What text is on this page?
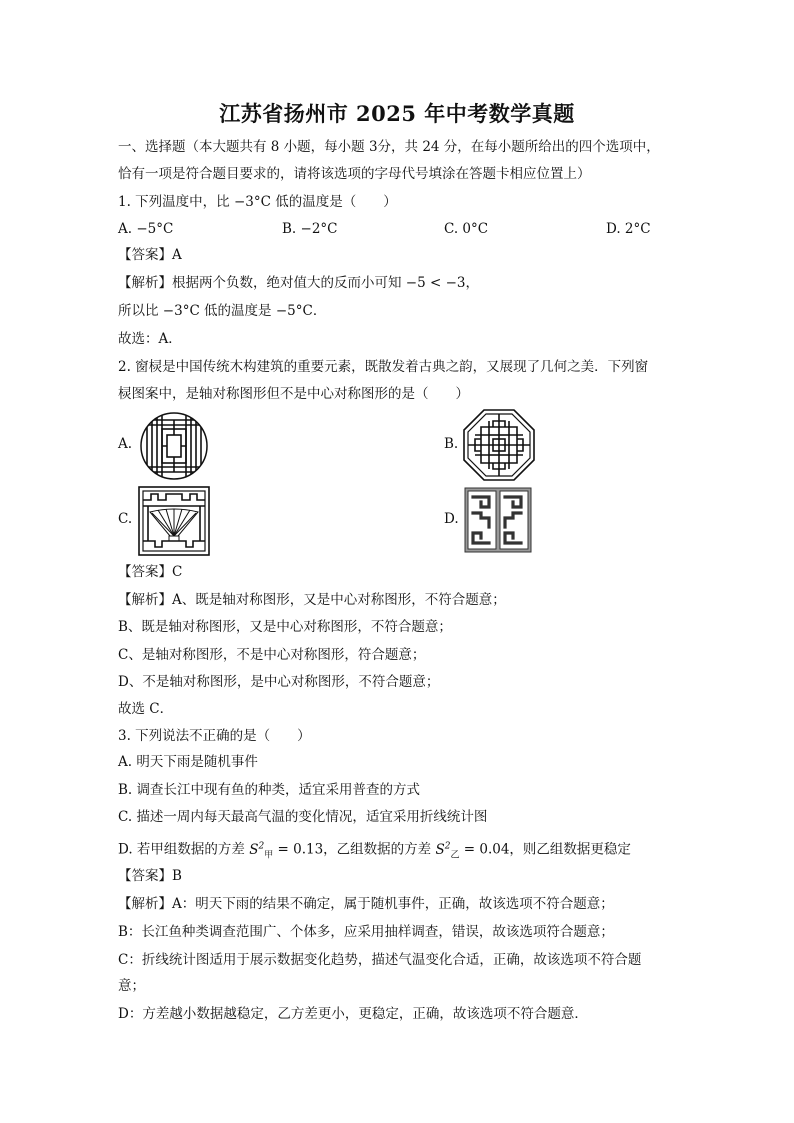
江苏省扬州市 2025 年中考数学真题
一、选择题（本大题共有 8 小题，每小题 3分，共 24 分，在每小题所给出的四个选项中，
恰有一项是符合题目要求的，请将该选项的字母代号填涂在答题卡相应位置上）
1. 下列温度中，比 −3°C 低的温度是（　　）
A. −5°C	B. −2°C	C. 0°C	D. 2°C
【答案】A
【解析】根据两个负数，绝对值大的反而小可知 −5 < −3，
所以比 −3°C 低的温度是 −5°C．
故选：A．
2. 窗棂是中国传统木构建筑的重要元素，既散发着古典之韵，又展现了几何之美．下列窗
棂图案中，是轴对称图形但不是中心对称图形的是（　　）
A.	B.
C.	D.
【答案】C
【解析】A、既是轴对称图形，又是中心对称图形，不符合题意；
B、既是轴对称图形，又是中心对称图形，不符合题意；
C、是轴对称图形，不是中心对称图形，符合题意；
D、不是轴对称图形，是中心对称图形，不符合题意；
故选 C．
3. 下列说法不正确的是（　　）
A. 明天下雨是随机事件
B. 调查长江中现有鱼的种类，适宜采用普查的方式
C. 描述一周内每天最高气温的变化情况，适宜采用折线统计图
D. 若甲组数据的方差 $S^2_甲 = 0.13$，乙组数据的方差 $S^2_乙 = 0.04$，则乙组数据更稳定
【答案】B
【解析】A：明天下雨的结果不确定，属于随机事件，正确，故该选项不符合题意；
B：长江鱼种类调查范围广、个体多，应采用抽样调查，错误，故该选项符合题意；
C：折线统计图适用于展示数据变化趋势，描述气温变化合适，正确，故该选项不符合题
意；
D：方差越小数据越稳定，乙方差更小，更稳定，正确，故该选项不符合题意．
